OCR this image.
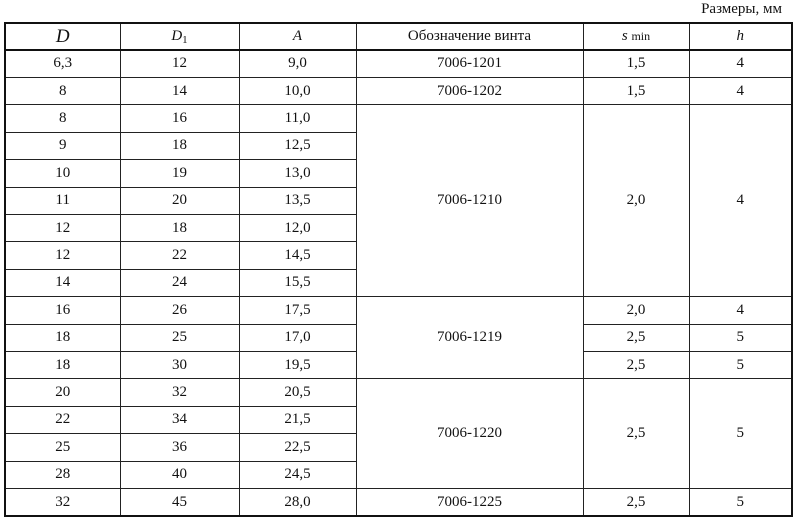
Размеры, мм
D	$D_1$	A	Обозначение винта	s min	h
6,3	12	9,0	7006-1201	1,5	4
8	14	10,0	7006-1202	1,5	4
8	16	11,0	7006-1210	2,0	4
9	18	12,5			
10	19	13,0			
11	20	13,5			
12	18	12,0			
12	22	14,5			
14	24	15,5			
16	26	17,5	7006-1219	2,0	4
18	25	17,0		2,5	5
18	30	19,5		2,5	5
20	32	20,5	7006-1220	2,5	5
22	34	21,5			
25	36	22,5			
28	40	24,5			
32	45	28,0	7006-1225	2,5	5
